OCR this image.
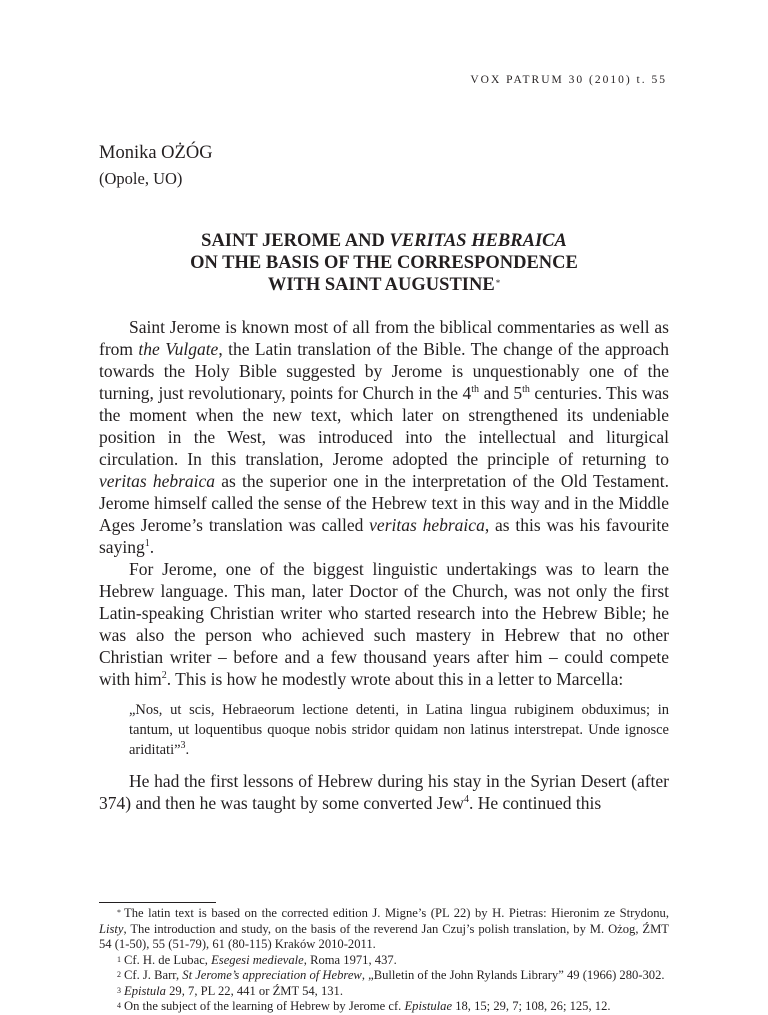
VOX PATRUM 30 (2010) t. 55
Monika OŻÓG
(Opole, UO)
SAINT JEROME AND VERITAS HEBRAICA
ON THE BASIS OF THE CORRESPONDENCE
WITH SAINT AUGUSTINE*

Saint Jerome is known most of all from the biblical commentaries as well as from the Vulgate, the Latin translation of the Bible. The change of the approach towards the Holy Bible suggested by Jerome is unquestionably one of the turning, just revolutionary, points for Church in the 4th and 5th centuries. This was the moment when the new text, which later on strengthened its undeniable position in the West, was introduced into the intellectual and liturgical circulation. In this translation, Jerome adopted the principle of returning to veritas hebraica as the superior one in the interpretation of the Old Testament. Jerome himself called the sense of the Hebrew text in this way and in the Middle Ages Jerome’s translation was called veritas hebraica, as this was his favourite saying$^1$.

For Jerome, one of the biggest linguistic undertakings was to learn the Hebrew language. This man, later Doctor of the Church, was not only the first Latin-speaking Christian writer who started research into the Hebrew Bible; he was also the person who achieved such mastery in Hebrew that no other Christian writer – before and a few thousand years after him – could compete with him$^2$. This is how he modestly wrote about this in a letter to Marcella:

„Nos, ut scis, Hebraeorum lectione detenti, in Latina lingua rubiginem obduximus; in tantum, ut loquentibus quoque nobis stridor quidam non latinus interstrepat. Unde ignosce ariditati”$^3$.

He had the first lessons of Hebrew during his stay in the Syrian Desert (after 374) and then he was taught by some converted Jew$^4$. He continued this

* The latin text is based on the corrected edition J. Migne’s (PL 22) by H. Pietras: Hieronim ze Strydonu, Listy, The introduction and study, on the basis of the reverend Jan Czuj’s polish translation, by M. Ożog, ŹMT 54 (1-50), 55 (51-79), 61 (80-115) Kraków 2010-2011.

$^1$ Cf. H. de Lubac, Esegesi medievale, Roma 1971, 437.

$^2$ Cf. J. Barr, St Jerome’s appreciation of Hebrew, „Bulletin of the John Rylands Library” 49 (1966) 280-302.

$^3$ Epistula 29, 7, PL 22, 441 or ŹMT 54, 131.

$^4$ On the subject of the learning of Hebrew by Jerome cf. Epistulae 18, 15; 29, 7; 108, 26; 125, 12.
